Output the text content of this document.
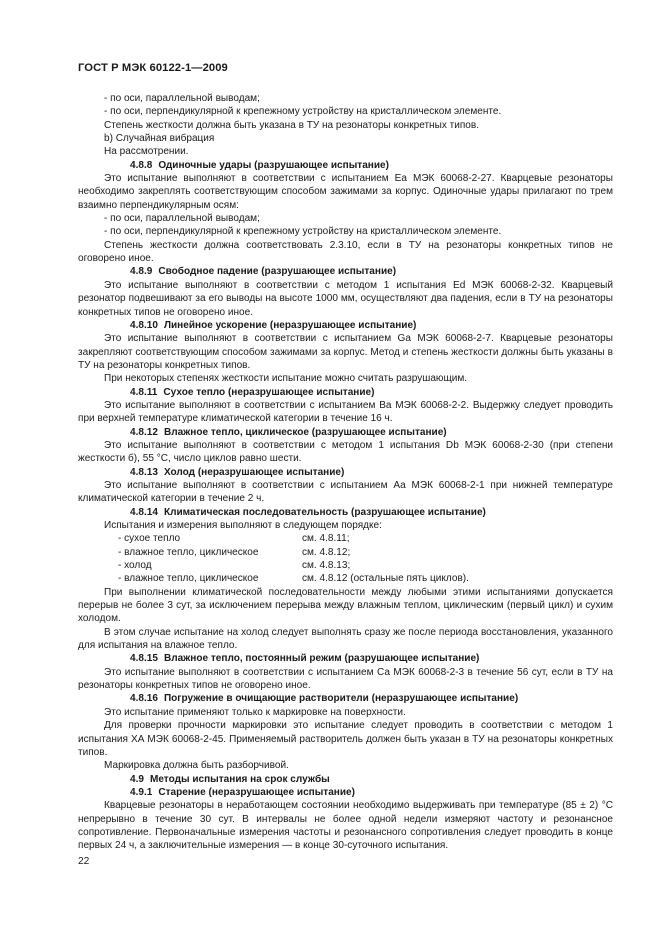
ГОСТ Р МЭК 60122-1—2009

- по оси, параллельной выводам;

- по оси, перпендикулярной к крепежному устройству на кристаллическом элементе.

Степень жесткости должна быть указана в ТУ на резонаторы конкретных типов.

b) Случайная вибрация

На рассмотрении.

4.8.8 Одиночные удары (разрушающее испытание)

Это испытание выполняют в соответствии с испытанием Еа МЭК 60068-2-27. Кварцевые резонаторы необходимо закреплять соответствующим способом зажимами за корпус. Одиночные удары прилагают по трем взаимно перпендикулярным осям:

- по оси, параллельной выводам;

- по оси, перпендикулярной к крепежному устройству на кристаллическом элементе.

Степень жесткости должна соответствовать 2.3.10, если в ТУ на резонаторы конкретных типов не оговорено иное.

4.8.9 Свободное падение (разрушающее испытание)

Это испытание выполняют в соответствии с методом 1 испытания Ed МЭК 60068-2-32. Кварцевый резонатор подвешивают за его выводы на высоте 1000 мм, осуществляют два падения, если в ТУ на резонаторы конкретных типов не оговорено иное.

4.8.10 Линейное ускорение (неразрушающее испытание)

Это испытание выполняют в соответствии с испытанием Ga МЭК 60068-2-7. Кварцевые резонаторы закрепляют соответствующим способом зажимами за корпус. Метод и степень жесткости должны быть указаны в ТУ на резонаторы конкретных типов.

При некоторых степенях жесткости испытание можно считать разрушающим.

4.8.11 Сухое тепло (неразрушающее испытание)

Это испытание выполняют в соответствии с испытанием Ва МЭК 60068-2-2. Выдержку следует проводить при верхней температуре климатической категории в течение 16 ч.

4.8.12 Влажное тепло, циклическое (разрушающее испытание)

Это испытание выполняют в соответствии с методом 1 испытания Db МЭК 60068-2-30 (при степени жесткости б), 55 °С, число циклов равно шести.

4.8.13 Холод (неразрушающее испытание)

Это испытание выполняют в соответствии с испытанием Аа МЭК 60068-2-1 при нижней температуре климатической категории в течение 2 ч.

4.8.14 Климатическая последовательность (разрушающее испытание)

Испытания и измерения выполняют в следующем порядке:

- сухое тепло	см. 4.8.11;
- влажное тепло, циклическое	см. 4.8.12;
- холод	см. 4.8.13;
- влажное тепло, циклическое	см. 4.8.12 (остальные пять циклов).

При выполнении климатической последовательности между любыми этими испытаниями допускается перерыв не более 3 сут, за исключением перерыва между влажным теплом, циклическим (первый цикл) и сухим холодом.

В этом случае испытание на холод следует выполнять сразу же после периода восстановления, указанного для испытания на влажное тепло.

4.8.15 Влажное тепло, постоянный режим (разрушающее испытание)

Это испытание выполняют в соответствии с испытанием Са МЭК 60068-2-3 в течение 56 сут, если в ТУ на резонаторы конкретных типов не оговорено иное.

4.8.16 Погружение в очищающие растворители (неразрушающее испытание)

Это испытание применяют только к маркировке на поверхности.

Для проверки прочности маркировки это испытание следует проводить в соответствии с методом 1 испытания ХА МЭК 60068-2-45. Применяемый растворитель должен быть указан в ТУ на резонаторы конкретных типов.

Маркировка должна быть разборчивой.

4.9 Методы испытания на срок службы

4.9.1 Старение (неразрушающее испытание)

Кварцевые резонаторы в неработающем состоянии необходимо выдерживать при температуре (85 ± 2) °С непрерывно в течение 30 сут. В интервалы не более одной недели измеряют частоту и резонансное сопротивление. Первоначальные измерения частоты и резонансного сопротивления следует проводить в конце первых 24 ч, а заключительные измерения — в конце 30-суточного испытания.

22
